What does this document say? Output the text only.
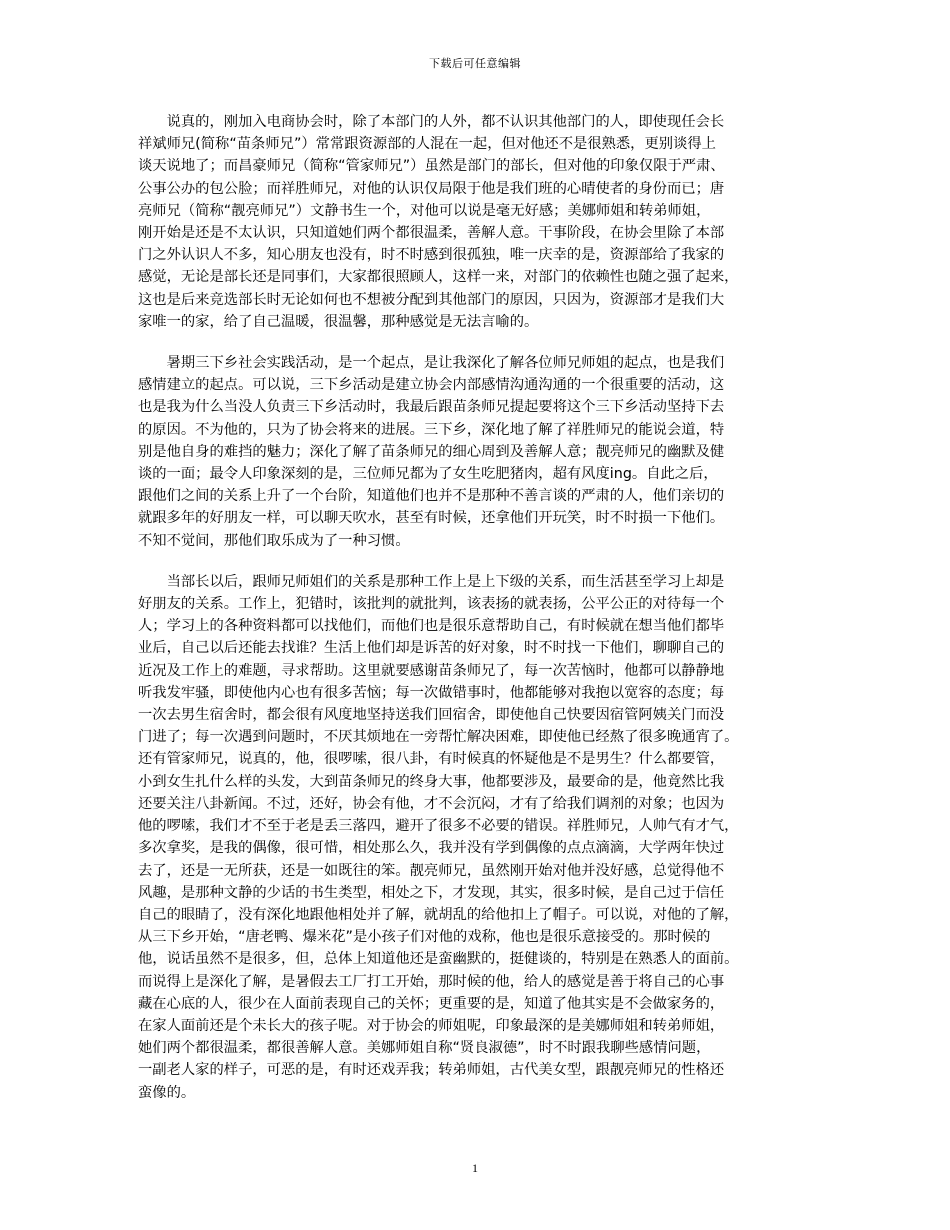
下载后可任意编辑

　　说真的，刚加入电商协会时，除了本部门的人外，都不认识其他部门的人，即使现任会长
祥斌师兄(简称“苗条师兄”）常常跟资源部的人混在一起，但对他还不是很熟悉，更别谈得上
谈天说地了；而昌豪师兄（简称“管家师兄”）虽然是部门的部长，但对他的印象仅限于严肃、
公事公办的包公脸；而祥胜师兄，对他的认识仅局限于他是我们班的心晴使者的身份而已；唐
亮师兄（简称“靓亮师兄”）文静书生一个，对他可以说是毫无好感；美娜师姐和转弟师姐，
刚开始是还是不太认识，只知道她们两个都很温柔，善解人意。干事阶段，在协会里除了本部
门之外认识人不多，知心朋友也没有，时不时感到很孤独，唯一庆幸的是，资源部给了我家的
感觉，无论是部长还是同事们，大家都很照顾人，这样一来，对部门的依赖性也随之强了起来，
这也是后来竞选部长时无论如何也不想被分配到其他部门的原因，只因为，资源部才是我们大
家唯一的家，给了自己温暖，很温馨，那种感觉是无法言喻的。

　　暑期三下乡社会实践活动，是一个起点，是让我深化了解各位师兄师姐的起点，也是我们
感情建立的起点。可以说，三下乡活动是建立协会内部感情沟通沟通的一个很重要的活动，这
也是我为什么当没人负责三下乡活动时，我最后跟苗条师兄提起要将这个三下乡活动坚持下去
的原因。不为他的，只为了协会将来的进展。三下乡，深化地了解了祥胜师兄的能说会道，特
别是他自身的难挡的魅力；深化了解了苗条师兄的细心周到及善解人意；靓亮师兄的幽默及健
谈的一面；最令人印象深刻的是，三位师兄都为了女生吃肥猪肉，超有风度ing。自此之后，
跟他们之间的关系上升了一个台阶，知道他们也并不是那种不善言谈的严肃的人，他们亲切的
就跟多年的好朋友一样，可以聊天吹水，甚至有时候，还拿他们开玩笑，时不时损一下他们。
不知不觉间，那他们取乐成为了一种习惯。

　　当部长以后，跟师兄师姐们的关系是那种工作上是上下级的关系，而生活甚至学习上却是
好朋友的关系。工作上，犯错时，该批判的就批判，该表扬的就表扬，公平公正的对待每一个
人；学习上的各种资料都可以找他们，而他们也是很乐意帮助自己，有时候就在想当他们都毕
业后，自己以后还能去找谁？生活上他们却是诉苦的好对象，时不时找一下他们，聊聊自己的
近况及工作上的难题，寻求帮助。这里就要感谢苗条师兄了，每一次苦恼时，他都可以静静地
听我发牢骚，即使他内心也有很多苦恼；每一次做错事时，他都能够对我抱以宽容的态度；每
一次去男生宿舍时，都会很有风度地坚持送我们回宿舍，即使他自己快要因宿管阿姨关门而没
门进了；每一次遇到问题时，不厌其烦地在一旁帮忙解决困难，即使他已经熬了很多晚通宵了。
还有管家师兄，说真的，他，很啰嗦，很八卦，有时候真的怀疑他是不是男生？什么都要管，
小到女生扎什么样的头发，大到苗条师兄的终身大事，他都要涉及，最要命的是，他竟然比我
还要关注八卦新闻。不过，还好，协会有他，才不会沉闷，才有了给我们调剂的对象；也因为
他的啰嗦，我们才不至于老是丢三落四，避开了很多不必要的错误。祥胜师兄，人帅气有才气，
多次拿奖，是我的偶像，很可惜，相处那么久，我并没有学到偶像的点点滴滴，大学两年快过
去了，还是一无所获，还是一如既往的笨。靓亮师兄，虽然刚开始对他并没好感，总觉得他不
风趣，是那种文静的少话的书生类型，相处之下，才发现，其实，很多时候，是自己过于信任
自己的眼睛了，没有深化地跟他相处并了解，就胡乱的给他扣上了帽子。可以说，对他的了解，
从三下乡开始，“唐老鸭、爆米花”是小孩子们对他的戏称，他也是很乐意接受的。那时候的
他，说话虽然不是很多，但，总体上知道他还是蛮幽默的，挺健谈的，特别是在熟悉人的面前。
而说得上是深化了解，是暑假去工厂打工开始，那时候的他，给人的感觉是善于将自己的心事
藏在心底的人，很少在人面前表现自己的关怀；更重要的是，知道了他其实是不会做家务的，
在家人面前还是个未长大的孩子呢。对于协会的师姐呢，印象最深的是美娜师姐和转弟师姐，
她们两个都很温柔，都很善解人意。美娜师姐自称“贤良淑德”，时不时跟我聊些感情问题，
一副老人家的样子，可恶的是，有时还戏弄我；转弟师姐，古代美女型，跟靓亮师兄的性格还
蛮像的。

1
